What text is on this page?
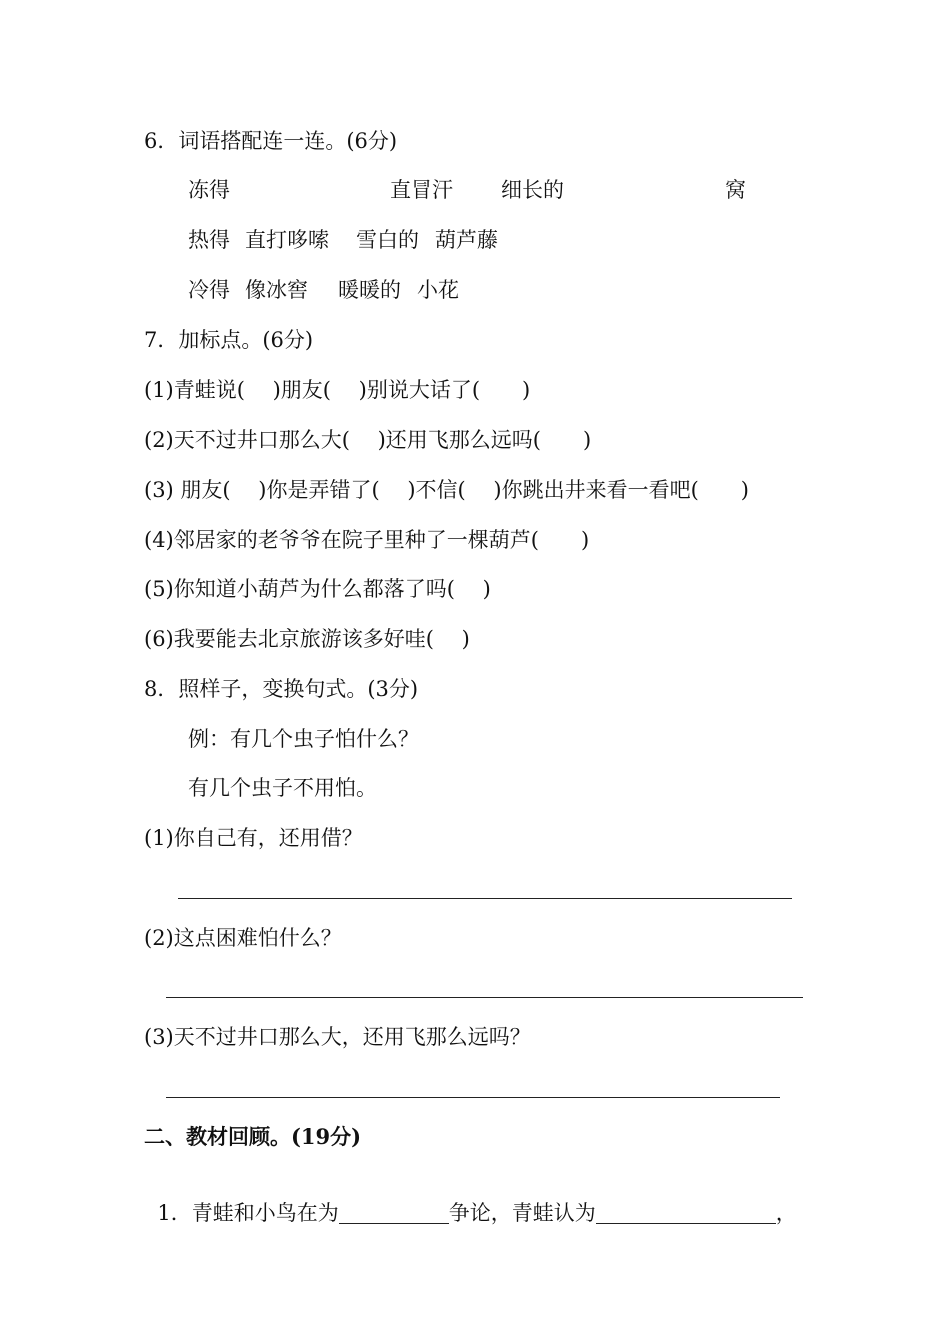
6．词语搭配连一连。(6分)
冻得	直冒汗 细长的	窝
热得 直打哆嗦 雪白的 葫芦藤
冷得 像冰窖 暖暖的 小花
7．加标点。(6分)
(1)青蛙说(　 )朋友(　 )别说大话了(　　)
(2)天不过井口那么大(　 )还用飞那么远吗(　　)
(3) 朋友(　 )你是弄错了(　 )不信(　 )你跳出井来看一看吧(　　)
(4)邻居家的老爷爷在院子里种了一棵葫芦(　　)
(5)你知道小葫芦为什么都落了吗(　 )
(6)我要能去北京旅游该多好哇(　 )
8．照样子，变换句式。(3分)
例：有几个虫子怕什么？
有几个虫子不用怕。
(1)你自己有，还用借？
(2)这点困难怕什么？
(3)天不过井口那么大，还用飞那么远吗？
二、教材回顾。(19分)

1．青蛙和小鸟在为	争论，青蛙认为	，
